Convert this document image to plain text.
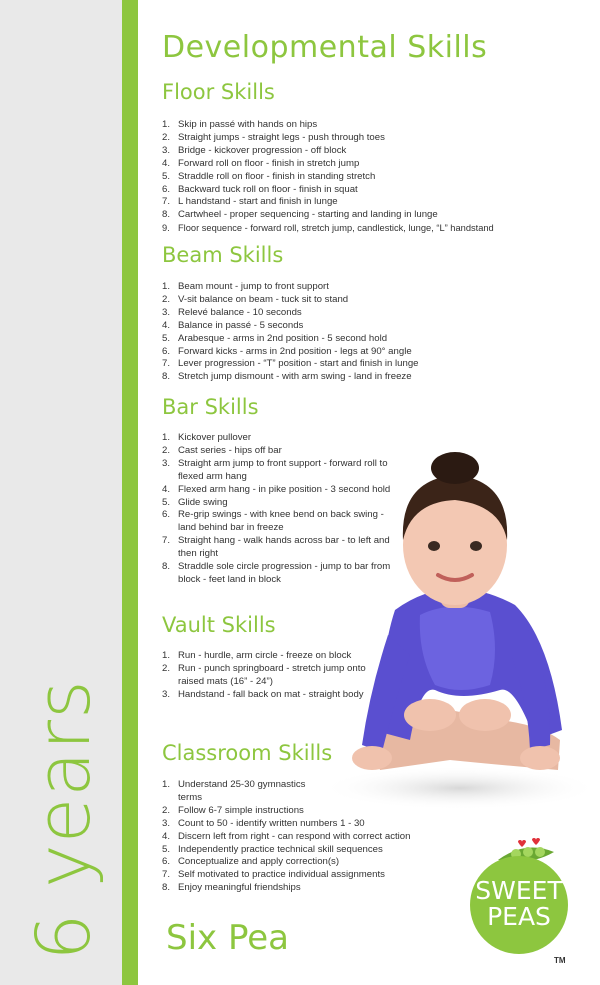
6 years
Developmental Skills
Floor Skills
1. Skip in passé with hands on hips
2. Straight jumps - straight legs - push through toes
3. Bridge - kickover progression - off block
4. Forward roll on floor - finish in stretch jump
5. Straddle roll on floor - finish in standing stretch
6. Backward tuck roll on floor - finish in squat
7. L handstand - start and finish in lunge
8. Cartwheel - proper sequencing - starting and landing in lunge
9. Floor sequence - forward roll, stretch jump, candlestick, lunge, “L” handstand
Beam Skills
1. Beam mount - jump to front support
2. V-sit balance on beam - tuck sit to stand
3. Relevé balance - 10 seconds
4. Balance in passé - 5 seconds
5. Arabesque - arms in 2nd position - 5 second hold
6. Forward kicks - arms in 2nd position - legs at 90° angle
7. Lever progression - “T” position - start and finish in lunge
8. Stretch jump dismount - with arm swing - land in freeze
Bar Skills
1. Kickover pullover
2. Cast series - hips off bar
3. Straight arm jump to front support - forward roll to flexed arm hang
4. Flexed arm hang - in pike position - 3 second hold
5. Glide swing
6. Re-grip swings - with knee bend on back swing - land behind bar in freeze
7. Straight hang - walk hands across bar - to left and then right
8. Straddle sole circle progression - jump to bar from block - feet land in block
Vault Skills
1. Run - hurdle, arm circle - freeze on block
2. Run - punch springboard - stretch jump onto raised mats (16” - 24”)
3. Handstand - fall back on mat - straight body
Classroom Skills
1. Understand 25-30 gymnastics terms
2. Follow 6-7 simple instructions
3. Count to 50 - identify written numbers 1 - 30
4. Discern left from right - can respond with correct action
5. Independently practice technical skill sequences
6. Conceptualize and apply correction(s)
7. Self motivated to practice individual assignments
8. Enjoy meaningful friendships	SWEET
PEAS
TM
Six Pea
